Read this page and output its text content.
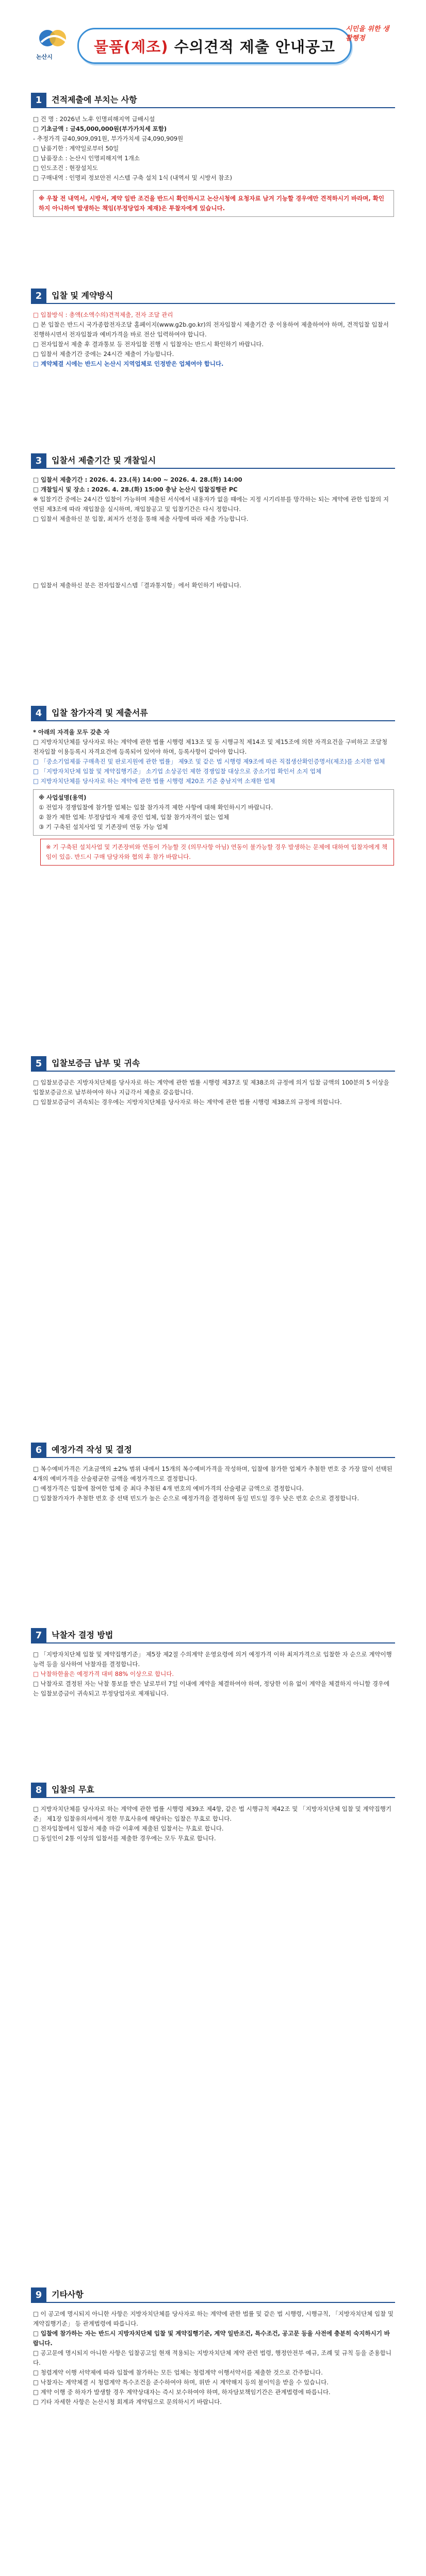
논산시
물품(제조) 수의견적 제출 안내공고
시민을 위한 생활행정
1	견적제출에 부치는 사항

□ 건 명 : 2026년 노후 인명피해지역 급배시설

□ 기초금액 : 금45,000,000원(부가가치세 포함)

- 추정가격 금40,909,091원, 부가가치세 금4,090,909원

□ 납품기한 : 계약일로부터 50일

□ 납품장소 : 논산시 인명피해지역 1개소

□ 인도조건 : 현장설치도

□ 구매내역 : 인명피 정보안전 시스템 구축 설치 1식 (내역서 및 시방서 참조)

※ 우찰 전 내역서, 시방서, 계약 일반 조건을 반드시 확인하시고 논산시청에 요청자료 남겨 기능할 경우에만 견적하시기 바라며, 확인하지 아니하여 발생하는 책임(부정당업자 제재)은 투찰자에게 있습니다.

2	입찰 및 계약방식

□ 입찰방식 : 총액(소액수의)견적제출, 전자 조달 관리

□ 본 입찰은 반드시 국가종합전자조달 홈페이지(www.g2b.go.kr)의 전자입찰시 제출기간 중 이용하여 제출하여야 하며, 견적입찰 입찰서 진행하시면서 전자입찰과 예비가격을 바로 전산 입력하여야 합니다.

□ 전자입찰서 제출 후 결과통보 등 전자입찰 진행 시 입찰자는 반드시 확인하기 바랍니다.

□ 입찰서 제출기간 중에는 24시간 제출이 가능합니다.

□ 계약체결 시에는 반드시 논산시 지역업체로 인정받은 업체여야 합니다.

3	입찰서 제출기간 및 개찰일시

□ 입찰서 제출기간 : 2026. 4. 23.(목) 14:00 ~ 2026. 4. 28.(화) 14:00

□ 개찰일시 및 장소 : 2026. 4. 28.(화) 15:00 충남 논산시 입찰집행관 PC

※ 입찰기간 중에는 24시간 입찰이 가능하며 제출된 서식에서 내용자가 없을 때에는 지정 시기리뷰를 망각하는 되는 계약에 관한 입찰의 지연된 제3조에 따라 재입찰을 실시하며, 재입찰공고 및 입찰기간은 다시 정합니다.

□ 입찰서 제출하신 분 입찰, 최저가 선정을 통해 제출 사항에 따라 제출 가능합니다.

□ 입찰서 제출하신 분은 전자입찰시스템「결과통지함」에서 확인하기 바랍니다.

4	입찰 참가자격 및 제출서류

* 아래의 자격을 모두 갖춘 자

□ 지방자치단체를 당사자로 하는 계약에 관한 법률 시행령 제13조 및 동 시행규칙 제14조 및 제15조에 의한 자격요건을 구비하고 조달청 전자입찰 이용등록시 자격요건에 등록되어 있어야 하며, 등록사항이 같아야 합니다.

□ 「중소기업제품 구매촉진 및 판로지원에 관한 법률」 제9조 및 같은 법 시행령 제9조에 따른 직접생산확인증명서(제조)를 소지한 업체

□ 「지방자치단체 입찰 및 계약집행기준」 소기업 소상공인 제한 경쟁입찰 대상으로 중소기업 확인서 소지 업체

□ 지방자치단체를 당사자로 하는 계약에 관한 법률 시행령 제20조 기준 충남지역 소재한 업체

※ 사업설명(용역)

① 전업자 경쟁입찰에 참가할 업체는 입찰 참가자격 제한 사항에 대해 확인하시기 바랍니다.

② 참가 제한 업체: 부정당업자 제재 중인 업체, 입찰 참가자격이 없는 업체

③ 기 구축된 설치사업 및 기존장비 연동 가능 업체

※ 기 구축된 설치사업 및 기존장비와 연동이 가능할 것 (의무사항 아님) 연동이 불가능할 경우 발생하는 문제에 대하여 입찰자에게 책임이 있음. 반드시 구매 담당자와 협의 후 참가 바랍니다.

5	입찰보증금 납부 및 귀속

□ 입찰보증금은 지방자치단체를 당사자로 하는 계약에 관한 법률 시행령 제37조 및 제38조의 규정에 의거 입찰 금액의 100분의 5 이상을 입찰보증금으로 납부하여야 하나 지급각서 제출로 갈음합니다.

□ 입찰보증금이 귀속되는 경우에는 지방자치단체를 당사자로 하는 계약에 관한 법률 시행령 제38조의 규정에 의합니다.

6	예정가격 작성 및 결정

□ 복수예비가격은 기초금액의 ±2% 범위 내에서 15개의 복수예비가격을 작성하며, 입찰에 참가한 업체가 추첨한 번호 중 가장 많이 선택된 4개의 예비가격을 산술평균한 금액을 예정가격으로 결정합니다.

□ 예정가격은 입찰에 참여한 업체 중 최다 추첨된 4개 번호의 예비가격의 산술평균 금액으로 결정합니다.

□ 입찰참가자가 추첨한 번호 중 선택 빈도가 높은 순으로 예정가격을 결정하며 동일 빈도일 경우 낮은 번호 순으로 결정합니다.

7	낙찰자 결정 방법

□ 「지방자치단체 입찰 및 계약집행기준」 제5장 제2절 수의계약 운영요령에 의거 예정가격 이하 최저가격으로 입찰한 자 순으로 계약이행능력 등을 심사하여 낙찰자를 결정합니다.

□ 낙찰하한율은 예정가격 대비 88% 이상으로 합니다.

□ 낙찰자로 결정된 자는 낙찰 통보를 받은 날로부터 7일 이내에 계약을 체결하여야 하며, 정당한 이유 없이 계약을 체결하지 아니할 경우에는 입찰보증금이 귀속되고 부정당업자로 제재됩니다.

8	입찰의 무효

□ 지방자치단체를 당사자로 하는 계약에 관한 법률 시행령 제39조 제4항, 같은 법 시행규칙 제42조 및 「지방자치단체 입찰 및 계약집행기준」 제1장 입찰유의서에서 정한 무효사유에 해당하는 입찰은 무효로 합니다.

□ 전자입찰에서 입찰서 제출 마감 이후에 제출된 입찰서는 무효로 합니다.

□ 동일인이 2통 이상의 입찰서를 제출한 경우에는 모두 무효로 합니다.

9	기타사항

□ 이 공고에 명시되지 아니한 사항은 지방자치단체를 당사자로 하는 계약에 관한 법률 및 같은 법 시행령, 시행규칙, 「지방자치단체 입찰 및 계약집행기준」 등 관계법령에 따릅니다.

□ 입찰에 참가하는 자는 반드시 지방자치단체 입찰 및 계약집행기준, 계약 일반조건, 특수조건, 공고문 등을 사전에 충분히 숙지하시기 바랍니다.

□ 공고문에 명시되지 아니한 사항은 입찰공고일 현재 적용되는 지방자치단체 계약 관련 법령, 행정안전부 예규, 조례 및 규칙 등을 준용합니다.

□ 청렴계약 이행 서약제에 따라 입찰에 참가하는 모든 업체는 청렴계약 이행서약서를 제출한 것으로 간주합니다.

□ 낙찰자는 계약체결 시 청렴계약 특수조건을 준수하여야 하며, 위반 시 계약해지 등의 불이익을 받을 수 있습니다.

□ 계약 이행 중 하자가 발생할 경우 계약상대자는 즉시 보수하여야 하며, 하자담보책임기간은 관계법령에 따릅니다.

□ 기타 자세한 사항은 논산시청 회계과 계약팀으로 문의하시기 바랍니다.
